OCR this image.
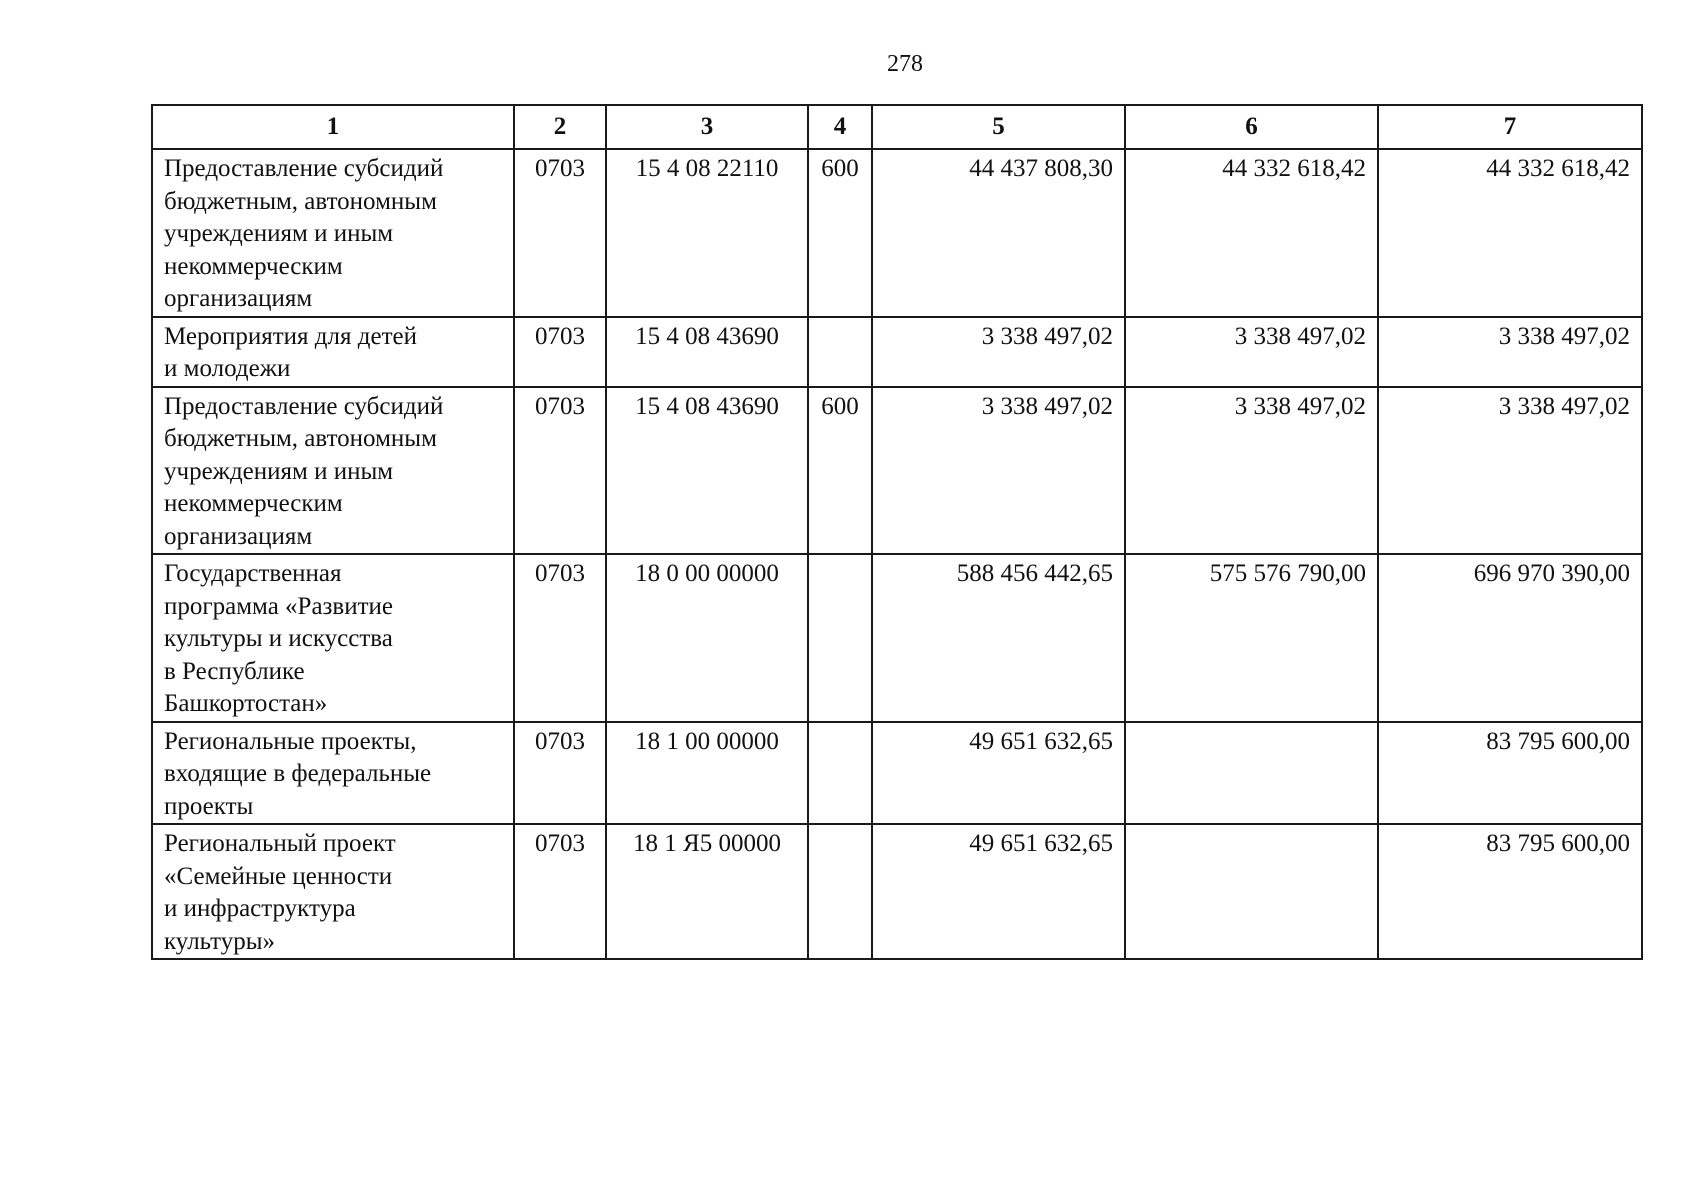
278
1	2	3	4	5	6	7
Предоставление субсидий
бюджетным, автономным
учреждениям и иным
некоммерческим
организациям	0703	15 4 08 22110	600	44 437 808,30	44 332 618,42	44 332 618,42
Мероприятия для детей
и молодежи	0703	15 4 08 43690		3 338 497,02	3 338 497,02	3 338 497,02
Предоставление субсидий
бюджетным, автономным
учреждениям и иным
некоммерческим
организациям	0703	15 4 08 43690	600	3 338 497,02	3 338 497,02	3 338 497,02
Государственная
программа «Развитие
культуры и искусства
в Республике
Башкортостан»	0703	18 0 00 00000		588 456 442,65	575 576 790,00	696 970 390,00
Региональные проекты,
входящие в федеральные
проекты	0703	18 1 00 00000		49 651 632,65		83 795 600,00
Региональный проект
«Семейные ценности
и инфраструктура
культуры»	0703	18 1 Я5 00000		49 651 632,65		83 795 600,00
